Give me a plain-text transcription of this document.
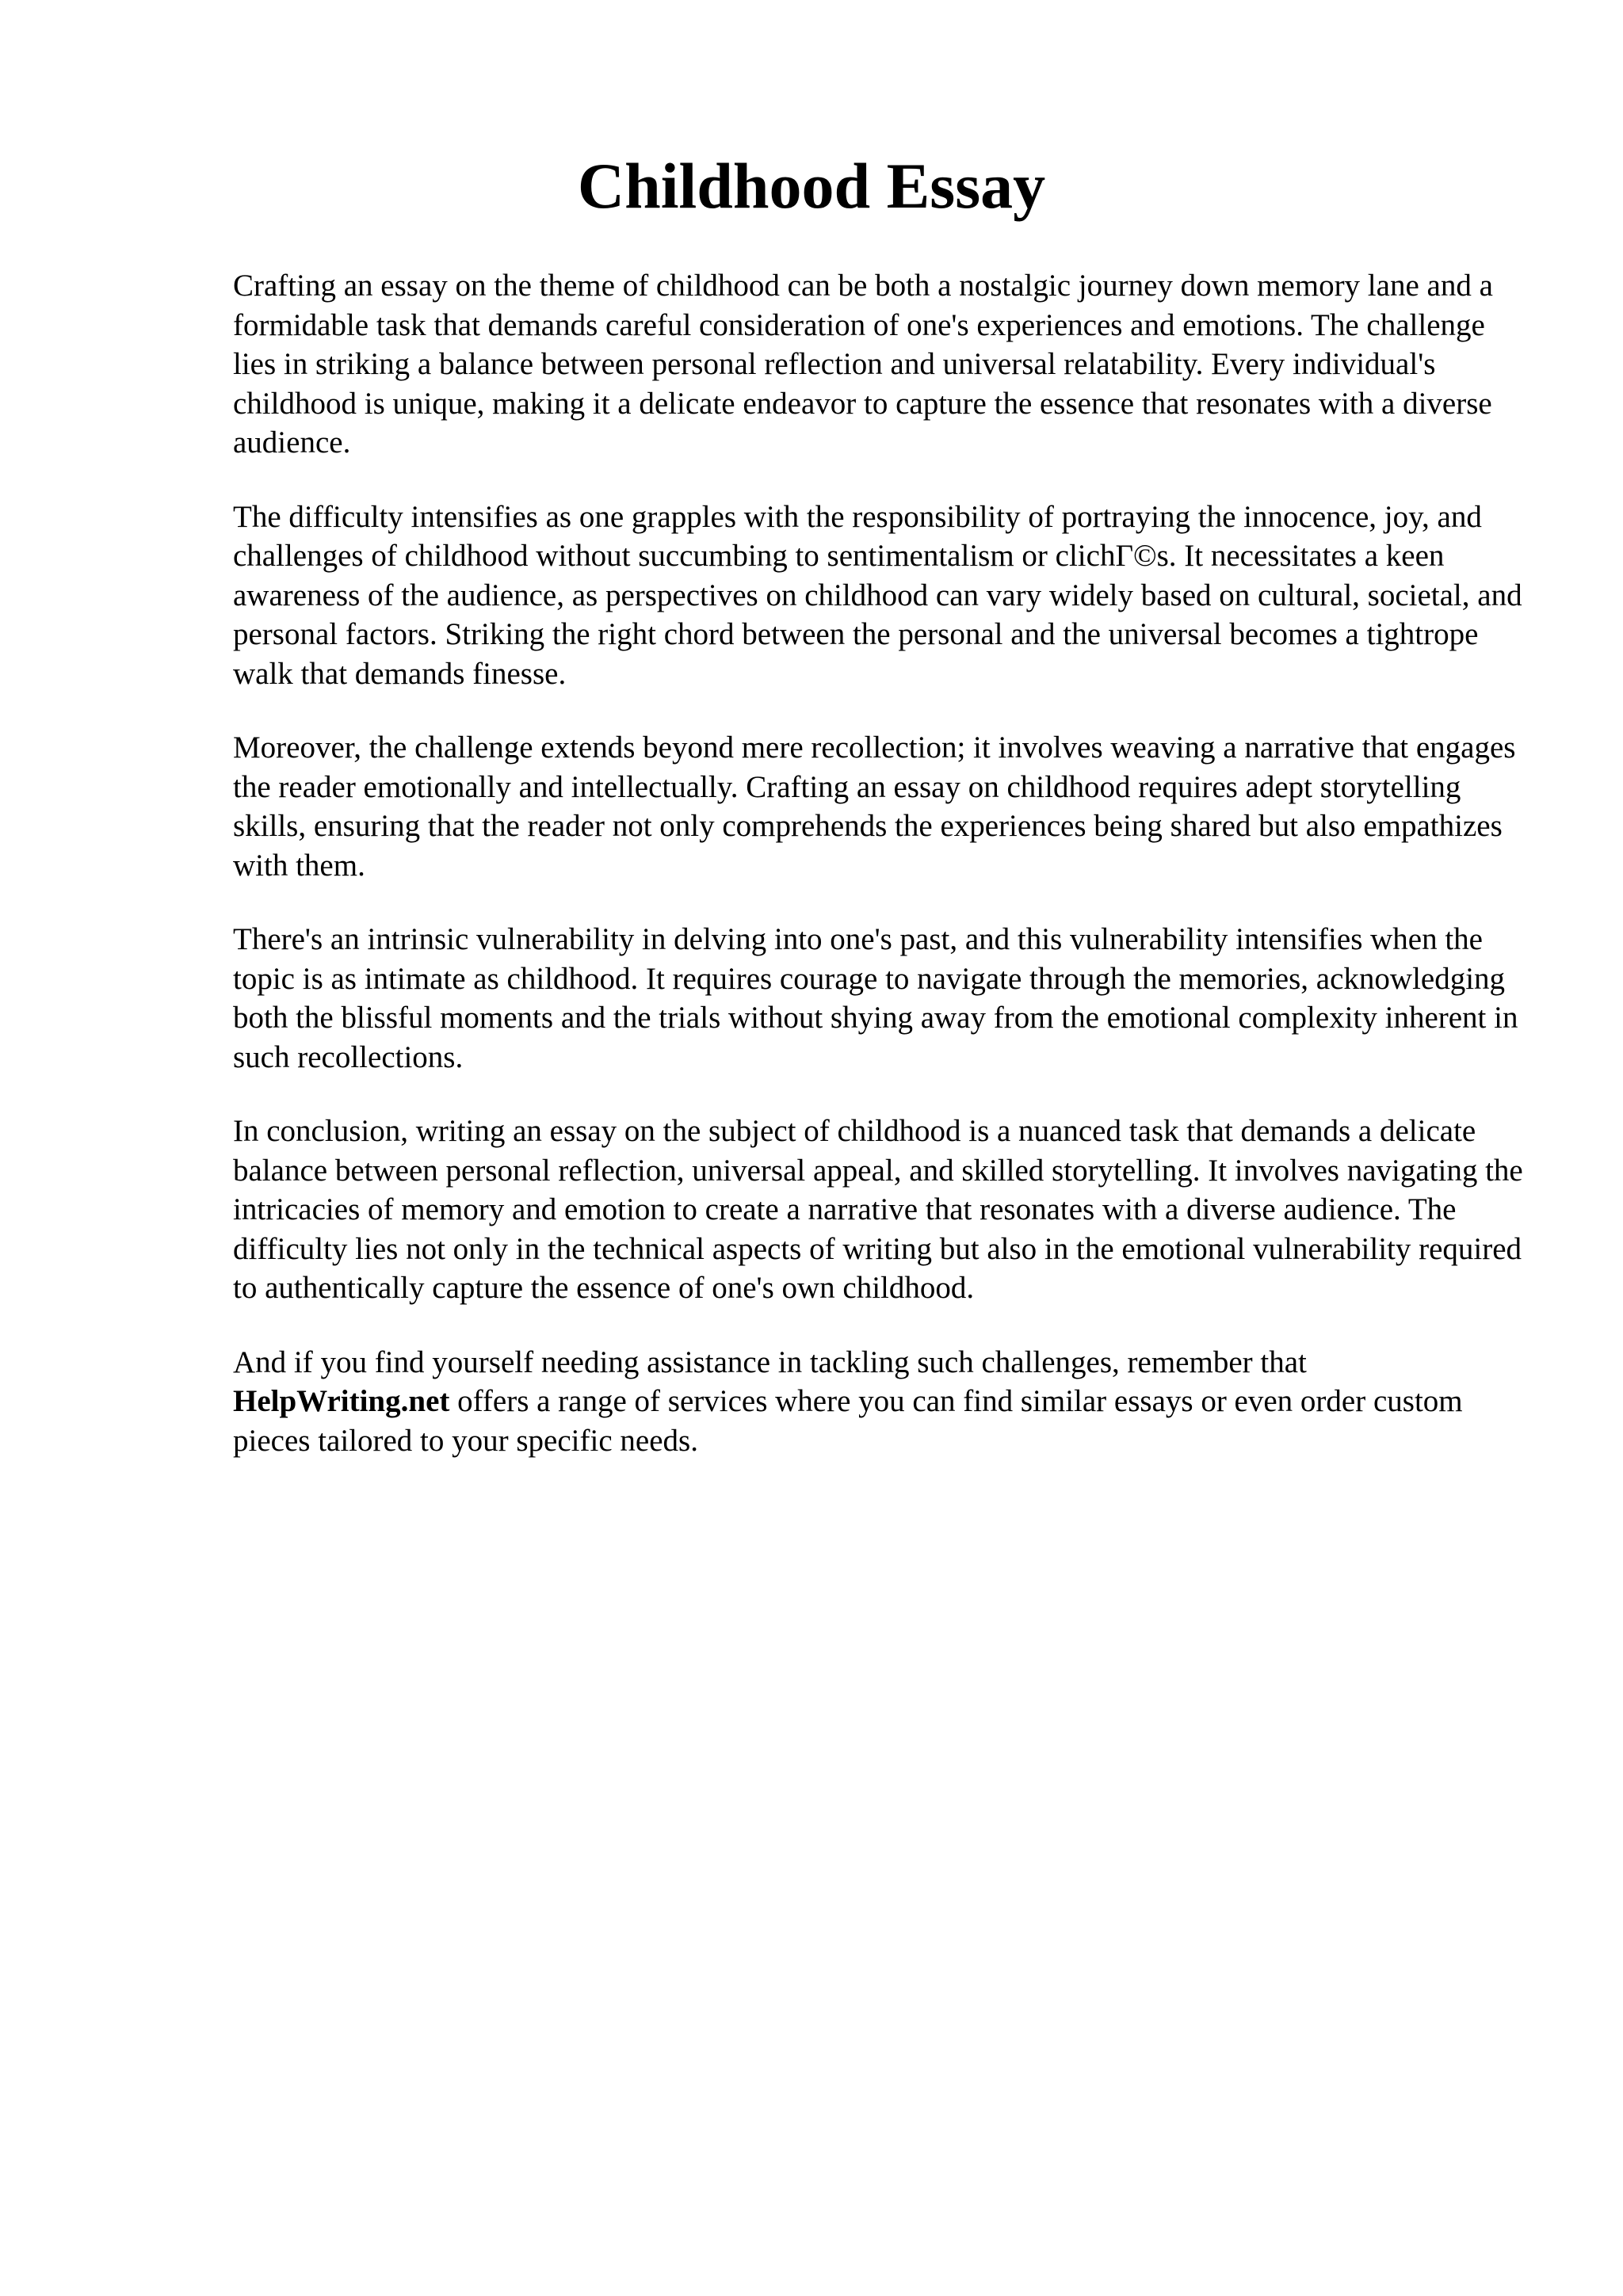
Childhood Essay

Crafting an essay on the theme of childhood can be both a nostalgic journey down memory lane and a formidable task that demands careful consideration of one's experiences and emotions. The challenge lies in striking a balance between personal reflection and universal relatability. Every individual's childhood is unique, making it a delicate endeavor to capture the essence that resonates with a diverse audience.

The difficulty intensifies as one grapples with the responsibility of portraying the innocence, joy, and challenges of childhood without succumbing to sentimentalism or clichΓ©s. It necessitates a keen awareness of the audience, as perspectives on childhood can vary widely based on cultural, societal, and personal factors. Striking the right chord between the personal and the universal becomes a tightrope walk that demands finesse.

Moreover, the challenge extends beyond mere recollection; it involves weaving a narrative that engages the reader emotionally and intellectually. Crafting an essay on childhood requires adept storytelling skills, ensuring that the reader not only comprehends the experiences being shared but also empathizes with them.

There's an intrinsic vulnerability in delving into one's past, and this vulnerability intensifies when the topic is as intimate as childhood. It requires courage to navigate through the memories, acknowledging both the blissful moments and the trials without shying away from the emotional complexity inherent in such recollections.

In conclusion, writing an essay on the subject of childhood is a nuanced task that demands a delicate balance between personal reflection, universal appeal, and skilled storytelling. It involves navigating the intricacies of memory and emotion to create a narrative that resonates with a diverse audience. The difficulty lies not only in the technical aspects of writing but also in the emotional vulnerability required to authentically capture the essence of one's own childhood.

And if you find yourself needing assistance in tackling such challenges, remember that HelpWriting.net offers a range of services where you can find similar essays or even order custom pieces tailored to your specific needs.
